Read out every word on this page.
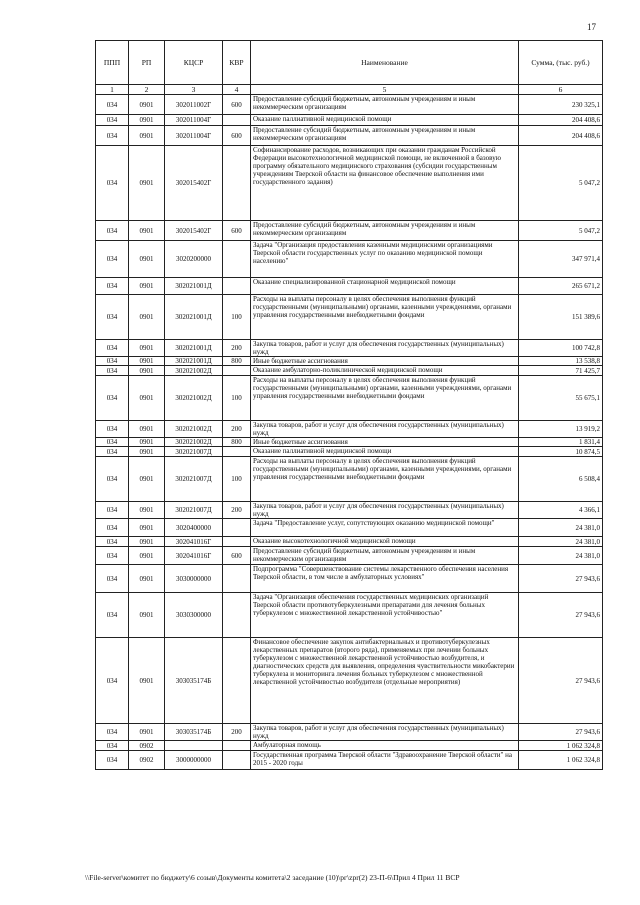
17
ППП	РП	КЦСР	КВР	Наименование	Сумма, (тыс. руб.)
1	2	3	4	5	6
034	0901	302011002Г	600	Предоставление субсидий бюджетным, автономным учреждениям и иным некоммерческим организациям	230 325,1
034	0901	302011004Г		Оказание паллиативной медицинской помощи	204 408,6
034	0901	302011004Г	600	Предоставление субсидий бюджетным, автономным учреждениям и иным некоммерческим организациям	204 408,6
034	0901	302015402Г		Софинансирование расходов, возникающих при оказании гражданам Российской Федерации высокотехнологичной медицинской помощи, не включенной в базовую программу обязательного медицинского страхования (субсидии государственным учреждениям Тверской области на финансовое обеспечение выполнения ими государственного задания)	5 047,2
034	0901	302015402Г	600	Предоставление субсидий бюджетным, автономным учреждениям и иным некоммерческим организациям	5 047,2
034	0901	3020200000		Задача "Организация предоставления казенными медицинскими организациями Тверской области государственных услуг по оказанию медицинской помощи населению"	347 971,4
034	0901	302021001Д		Оказание специализированной стационарной медицинской помощи	265 671,2
034	0901	302021001Д	100	Расходы на выплаты персоналу в целях обеспечения выполнения функций государственными (муниципальными) органами, казенными учреждениями, органами управления государственными внебюджетными фондами	151 389,6
034	0901	302021001Д	200	Закупка товаров, работ и услуг для обеспечения государственных (муниципальных) нужд	100 742,8
034	0901	302021001Д	800	Иные бюджетные ассигнования	13 538,8
034	0901	302021002Д		Оказание амбулаторно-поликлинической медицинской помощи	71 425,7
034	0901	302021002Д	100	Расходы на выплаты персоналу в целях обеспечения выполнения функций государственными (муниципальными) органами, казенными учреждениями, органами управления государственными внебюджетными фондами	55 675,1
034	0901	302021002Д	200	Закупка товаров, работ и услуг для обеспечения государственных (муниципальных) нужд	13 919,2
034	0901	302021002Д	800	Иные бюджетные ассигнования	1 831,4
034	0901	302021007Д		Оказание паллиативной медицинской помощи	10 874,5
034	0901	302021007Д	100	Расходы на выплаты персоналу в целях обеспечения выполнения функций государственными (муниципальными) органами, казенными учреждениями, органами управления государственными внебюджетными фондами	6 508,4
034	0901	302021007Д	200	Закупка товаров, работ и услуг для обеспечения государственных (муниципальных) нужд	4 366,1
034	0901	3020400000		Задача "Предоставление услуг, сопутствующих оказанию медицинской помощи"	24 381,0
034	0901	302041016Г		Оказание высокотехнологичной медицинской помощи	24 381,0
034	0901	302041016Г	600	Предоставление субсидий бюджетным, автономным учреждениям и иным некоммерческим организациям	24 381,0
034	0901	3030000000		Подпрограмма "Совершенствование системы лекарственного обеспечения населения Тверской области, в том числе в амбулаторных условиях"	27 943,6
034	0901	3030300000		Задача "Организация обеспечения государственных медицинских организаций Тверской области противотуберкулезными препаратами для лечения больных туберкулезом с множественной лекарственной устойчивостью"	27 943,6
034	0901	303035174Б		Финансовое обеспечение закупок антибактериальных и противотуберкулезных лекарственных препаратов (второго ряда), применяемых при лечении больных туберкулезом с множественной лекарственной устойчивостью возбудителя, и диагностических средств для выявления, определения чувствительности микобактерии туберкулеза и мониторинга лечения больных туберкулезом с множественной лекарственной устойчивостью возбудителя (отдельные мероприятия)	27 943,6
034	0901	303035174Б	200	Закупка товаров, работ и услуг для обеспечения государственных (муниципальных) нужд	27 943,6
034	0902			Амбулаторная помощь	1 062 324,8
034	0902	3000000000		Государственная программа Тверской области "Здравоохранение Тверской области" на 2015 - 2020 годы	1 062 324,8
\\File-server\комитет по бюджету\6 созыв\Документы комитета\2 заседание (10)\рг\zpr(2) 23-П-6\Прил 4 Прил 11 ВСР
